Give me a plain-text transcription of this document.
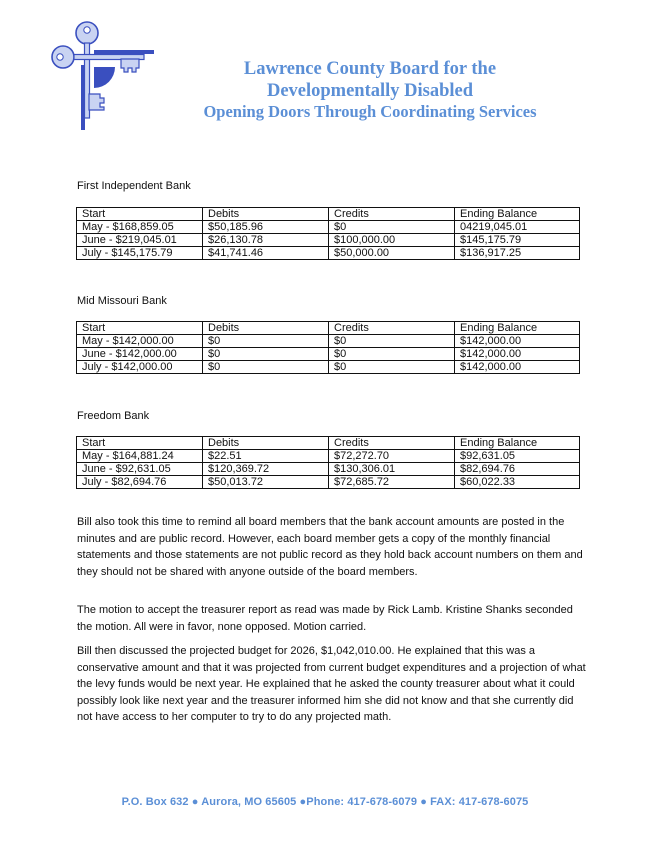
Lawrence County Board for the
Developmentally Disabled
Opening Doors Through Coordinating Services
First Independent Bank
Start	Debits	Credits	Ending Balance
May - $168,859.05	$50,185.96	$0	04219,045.01
June - $219,045.01	$26,130.78	$100,000.00	$145,175.79
July - $145,175.79	$41,741.46	$50,000.00	$136,917.25
Mid Missouri Bank
Start	Debits	Credits	Ending Balance
May - $142,000.00	$0	$0	$142,000.00
June - $142,000.00	$0	$0	$142,000.00
July - $142,000.00	$0	$0	$142,000.00
Freedom Bank
Start	Debits	Credits	Ending Balance
May - $164,881.24	$22.51	$72,272.70	$92,631.05
June - $92,631.05	$120,369.72	$130,306.01	$82,694.76
July - $82,694.76	$50,013.72	$72,685.72	$60,022.33

Bill also took this time to remind all board members that the bank account amounts are posted in the minutes and are public record. However, each board member gets a copy of the monthly financial statements and those statements are not public record as they hold back account numbers on them and they should not be shared with anyone outside of the board members.

The motion to accept the treasurer report as read was made by Rick Lamb. Kristine Shanks seconded the motion. All were in favor, none opposed. Motion carried.

Bill then discussed the projected budget for 2026, $1,042,010.00. He explained that this was a conservative amount and that it was projected from current budget expenditures and a projection of what the levy funds would be next year. He explained that he asked the county treasurer about what it could possibly look like next year and the treasurer informed him she did not know and that she currently did not have access to her computer to try to do any projected math.

P.O. Box 632 ● Aurora, MO 65605 ●Phone: 417-678-6079 ● FAX: 417-678-6075
